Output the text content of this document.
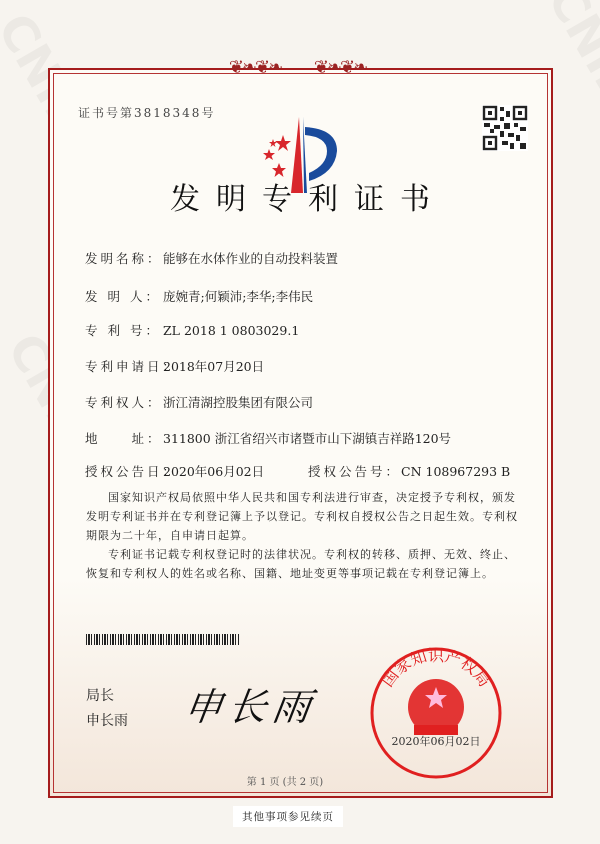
❦❧❦❧	❦❧❦❧
证书号第3818348号
发明专利证书
发明名称：能够在水体作业的自动投料装置
发 明 人： 庞婉青;何颖沛;李华;李伟民
专 利 号： ZL 2018 1 0803029.1
专利申请日：2018年07月20日
专利权人：浙江清湖控股集团有限公司
地　　址：311800 浙江省绍兴市诸暨市山下湖镇吉祥路120号
授权公告日：2020年06月02日	授权公告号：CN 108967293 B
国家知识产权局依照中华人民共和国专利法进行审查，决定授予专利权，颁发发明专利证书并在专利登记簿上予以登记。专利权自授权公告之日起生效。专利权期限为二十年，自申请日起算。
专利证书记载专利权登记时的法律状况。专利权的转移、质押、无效、终止、恢复和专利权人的姓名或名称、国籍、地址变更等事项记载在专利登记簿上。
局长
申长雨 申长雨
国家知识产权局
2020年06月02日
第 1 页 (共 2 页)
其他事项参见续页
